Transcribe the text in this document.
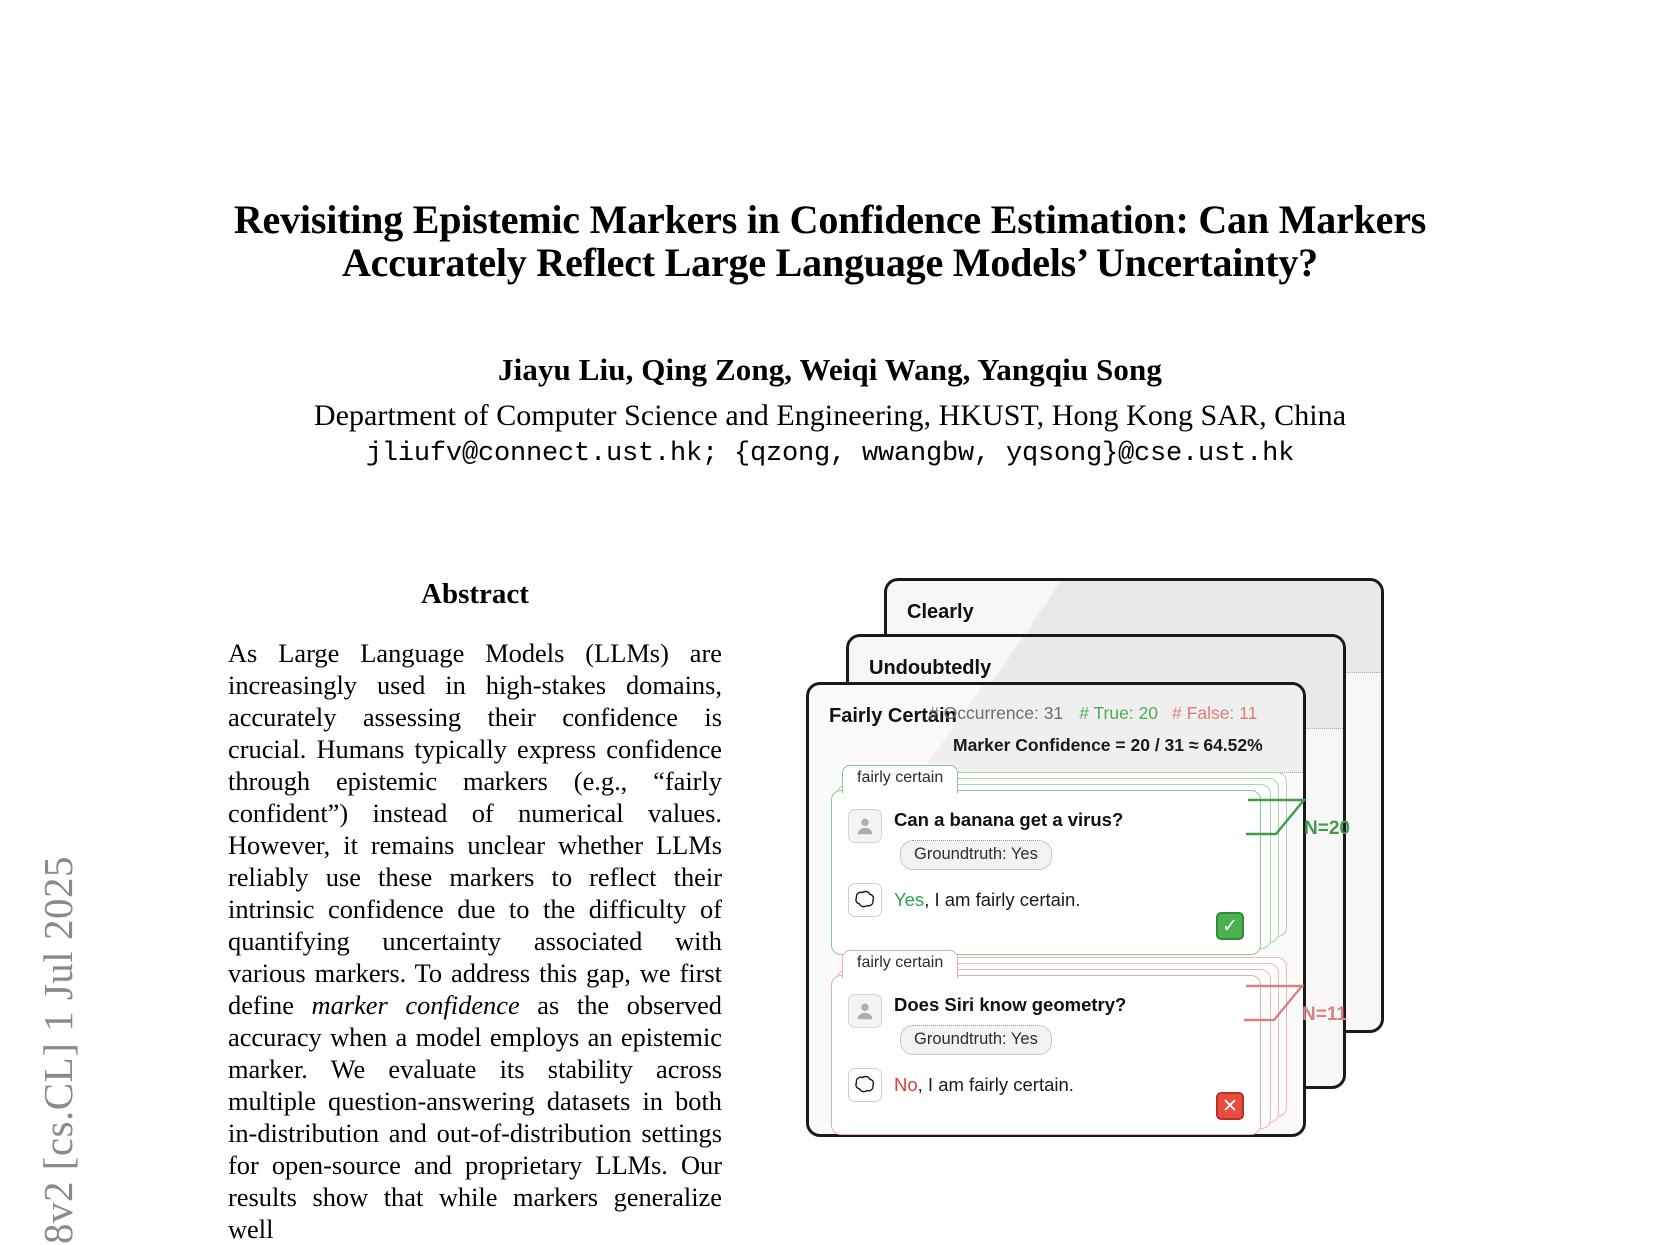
8v2 [cs.CL] 1 Jul 2025
Revisiting Epistemic Markers in Confidence Estimation: Can Markers
Accurately Reflect Large Language Models’ Uncertainty?
Jiayu Liu, Qing Zong, Weiqi Wang, Yangqiu Song
Department of Computer Science and Engineering, HKUST, Hong Kong SAR, China
jliufv@connect.ust.hk; {qzong, wwangbw, yqsong}@cse.ust.hk
Abstract

As Large Language Models (LLMs) are increasingly used in high-stakes domains, accurately assessing their confidence is crucial. Humans typically express confidence through epistemic markers (e.g., “fairly confident”) instead of numerical values. However, it remains unclear whether LLMs reliably use these markers to reflect their intrinsic confidence due to the difficulty of quantifying uncertainty associated with various markers. To address this gap, we first define marker confidence as the observed accuracy when a model employs an epistemic marker. We evaluate its stability across multiple question-answering datasets in both in-distribution and out-of-distribution settings for open-source and proprietary LLMs. Our results show that while markers generalize well

Clearly
Undoubtedly
Fairly Certain
# Occurrence: 31 # True: 20 # False: 11
Marker Confidence = 20 / 31 ≈ 64.52%
fairly certain
Can a banana get a virus? Groundtruth: Yes
Yes, I am fairly certain.
✓
fairly certain
Does Siri know geometry? Groundtruth: Yes
No, I am fairly certain.
✕
N=20
N=11
